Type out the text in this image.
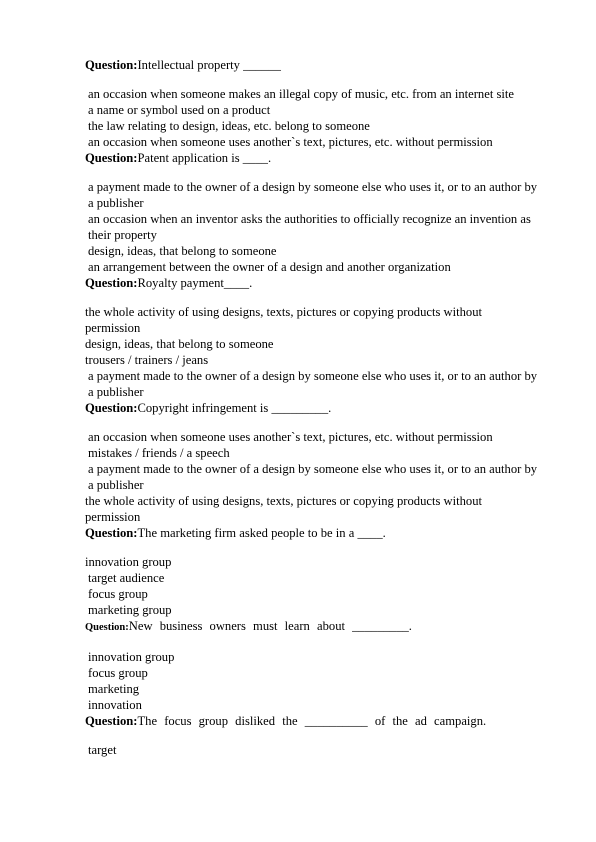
Question:Intellectual property ______

an occasion when someone makes an illegal copy of music, etc. from an internet site
a name or symbol used on a product
the law relating to design, ideas, etc. belong to someone
an occasion when someone uses another`s text, pictures, etc. without permission

Question:Patent application is ____.

a payment made to the owner of a design by someone else who uses it, or to an author by a publisher
an occasion when an inventor asks the authorities to officially recognize an invention as their property
design, ideas, that belong to someone
an arrangement between the owner of a design and another organization

Question:Royalty payment____.

the whole activity of using designs, texts, pictures or copying products without permission
design, ideas, that belong to someone
trousers / trainers / jeans
a payment made to the owner of a design by someone else who uses it, or to an author by a publisher

Question:Copyright infringement is _________.

an occasion when someone uses another`s text, pictures, etc. without permission
mistakes / friends / a speech
a payment made to the owner of a design by someone else who uses it, or to an author by a publisher
the whole activity of using designs, texts, pictures or copying products without permission

Question:The marketing firm asked people to be in a ____.

innovation group
target audience
focus group
marketing group

Question:New business owners must learn about _________.

innovation group
focus group
marketing
innovation

Question:The focus group disliked the __________ of the ad campaign.

target
